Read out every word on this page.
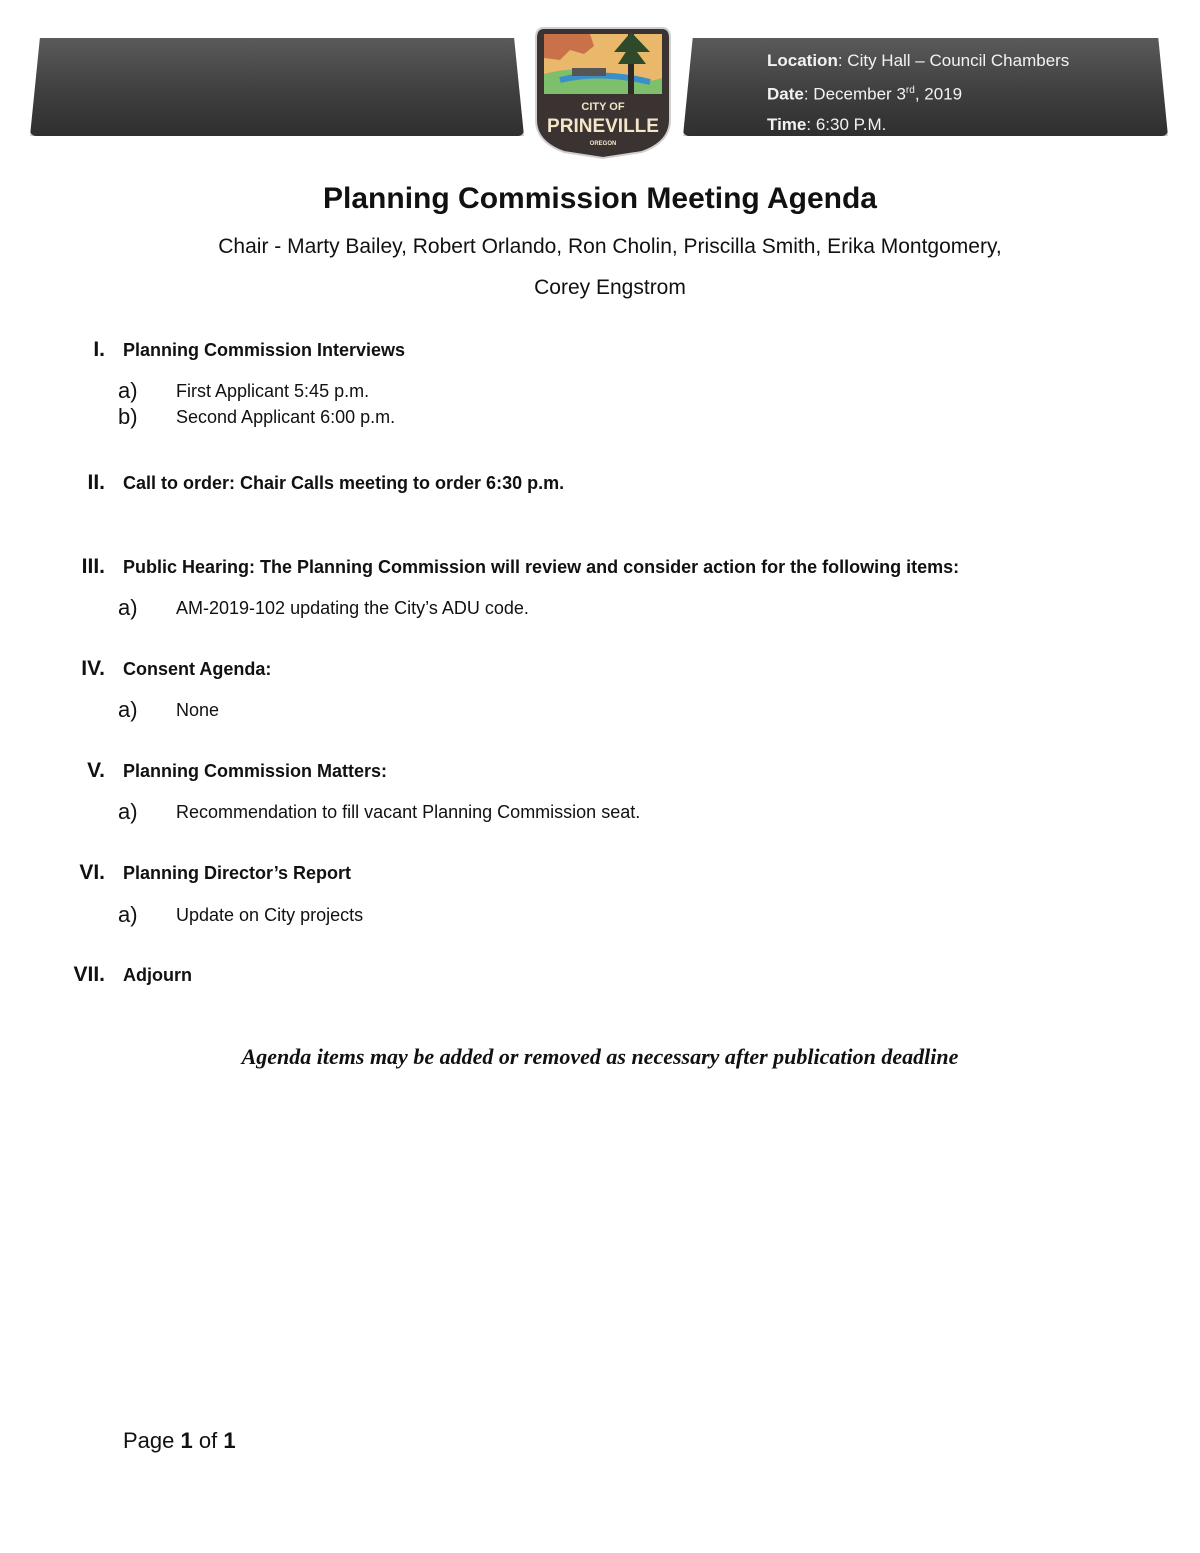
Location: City Hall – Council Chambers
Date: December 3rd, 2019
Time: 6:30 P.M.
CITY OF
PRINEVILLE
OREGON
Planning Commission Meeting Agenda
Chair - Marty Bailey, Robert Orlando, Ron Cholin, Priscilla Smith, Erika Montgomery,
Corey Engstrom
I. Planning Commission Interviews
a) First Applicant 5:45 p.m.
b) Second Applicant 6:00 p.m.
II. Call to order: Chair Calls meeting to order 6:30 p.m.
III. Public Hearing: The Planning Commission will review and consider action for the following items:
a) AM-2019-102 updating the City’s ADU code.
IV. Consent Agenda:
a) None
V. Planning Commission Matters:
a) Recommendation to fill vacant Planning Commission seat.
VI. Planning Director’s Report
a) Update on City projects
VII. Adjourn
Agenda items may be added or removed as necessary after publication deadline
Page 1 of 1
